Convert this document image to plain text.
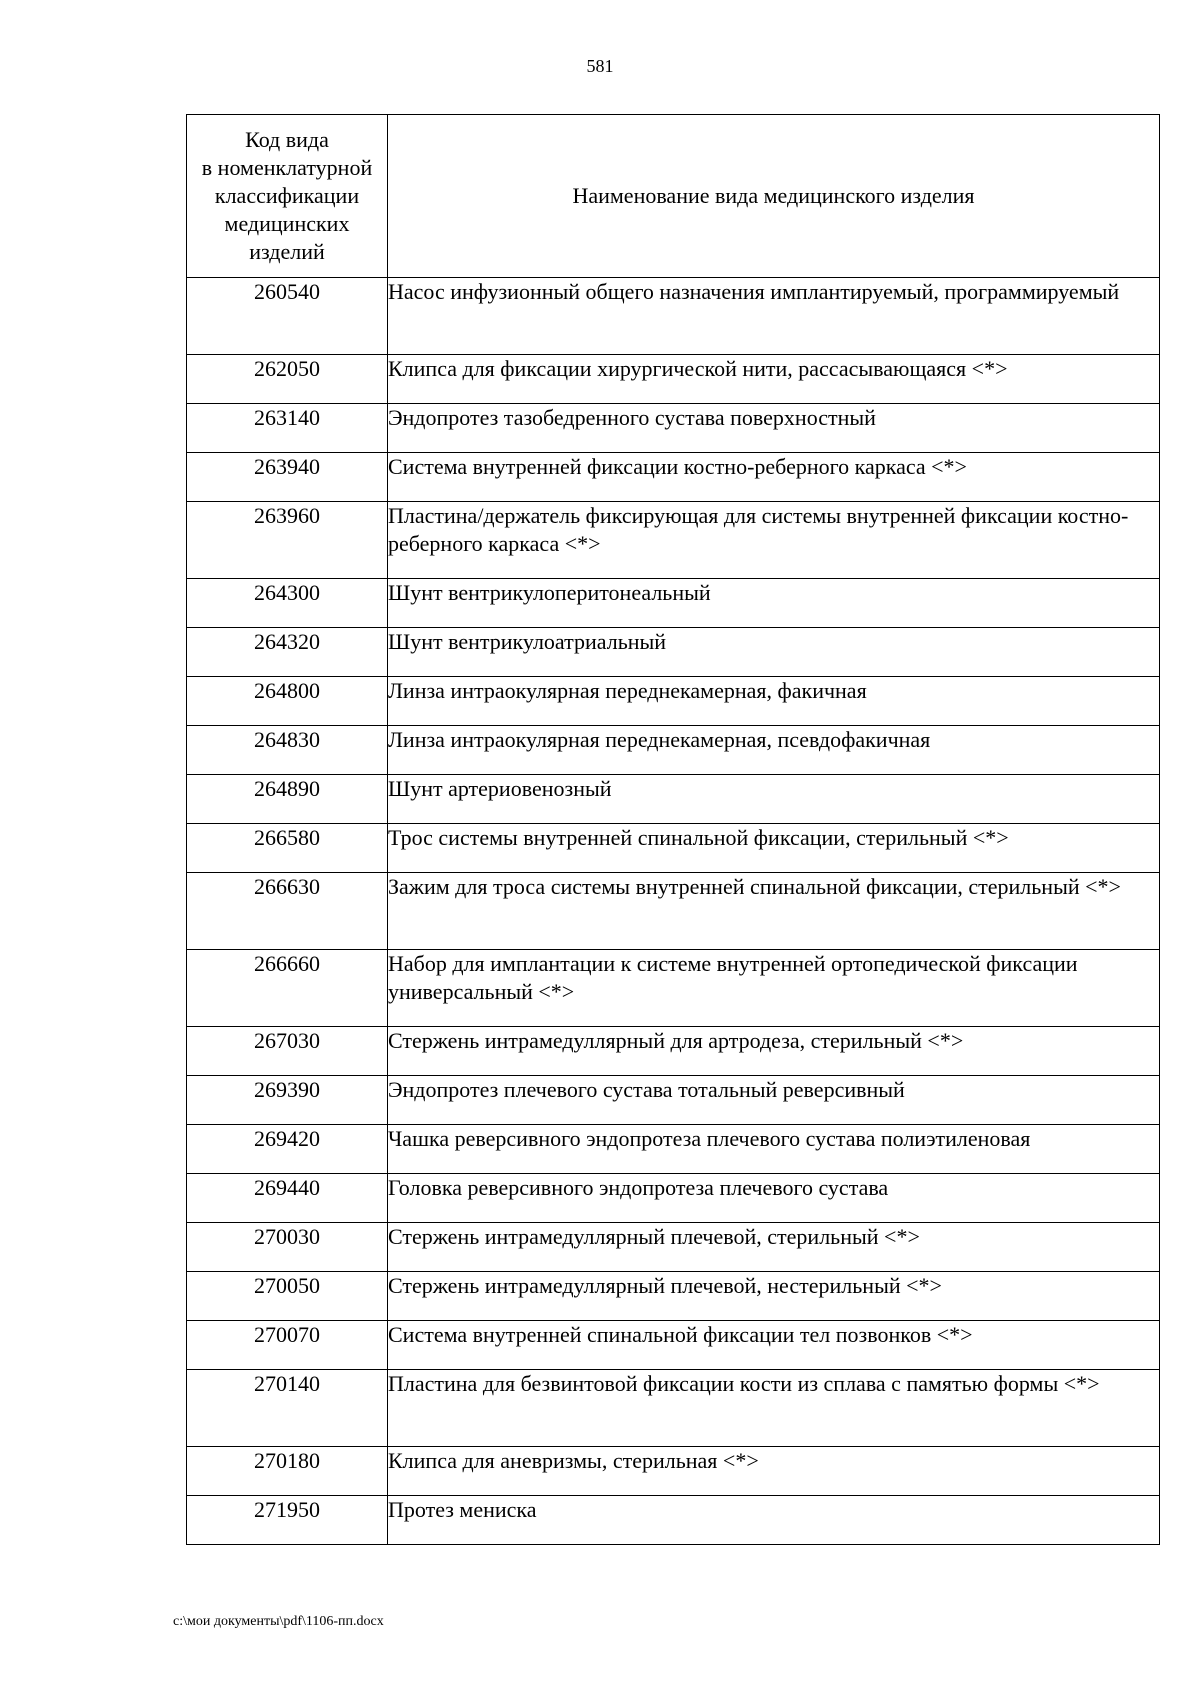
581
Код вида
в номенклатурной
классификации
медицинских
изделий	Наименование вида медицинского изделия
260540	Насос инфузионный общего назначения имплантируемый, программируемый
262050	Клипса для фиксации хирургической нити, рассасывающаяся <*>
263140	Эндопротез тазобедренного сустава поверхностный
263940	Система внутренней фиксации костно-реберного каркаса <*>
263960	Пластина/держатель фиксирующая для системы внутренней фиксации костно-реберного каркаса <*>
264300	Шунт вентрикулоперитонеальный
264320	Шунт вентрикулоатриальный
264800	Линза интраокулярная переднекамерная, факичная
264830	Линза интраокулярная переднекамерная, псевдофакичная
264890	Шунт артериовенозный
266580	Трос системы внутренней спинальной фиксации, стерильный <*>
266630	Зажим для троса системы внутренней спинальной фиксации, стерильный <*>
266660	Набор для имплантации к системе внутренней ортопедической фиксации универсальный <*>
267030	Стержень интрамедуллярный для артродеза, стерильный <*>
269390	Эндопротез плечевого сустава тотальный реверсивный
269420	Чашка реверсивного эндопротеза плечевого сустава полиэтиленовая
269440	Головка реверсивного эндопротеза плечевого сустава
270030	Стержень интрамедуллярный плечевой, стерильный <*>
270050	Стержень интрамедуллярный плечевой, нестерильный <*>
270070	Система внутренней спинальной фиксации тел позвонков <*>
270140	Пластина для безвинтовой фиксации кости из сплава с памятью формы <*>
270180	Клипса для аневризмы, стерильная <*>
271950	Протез мениска
c:\мои документы\pdf\1106-пп.docx
